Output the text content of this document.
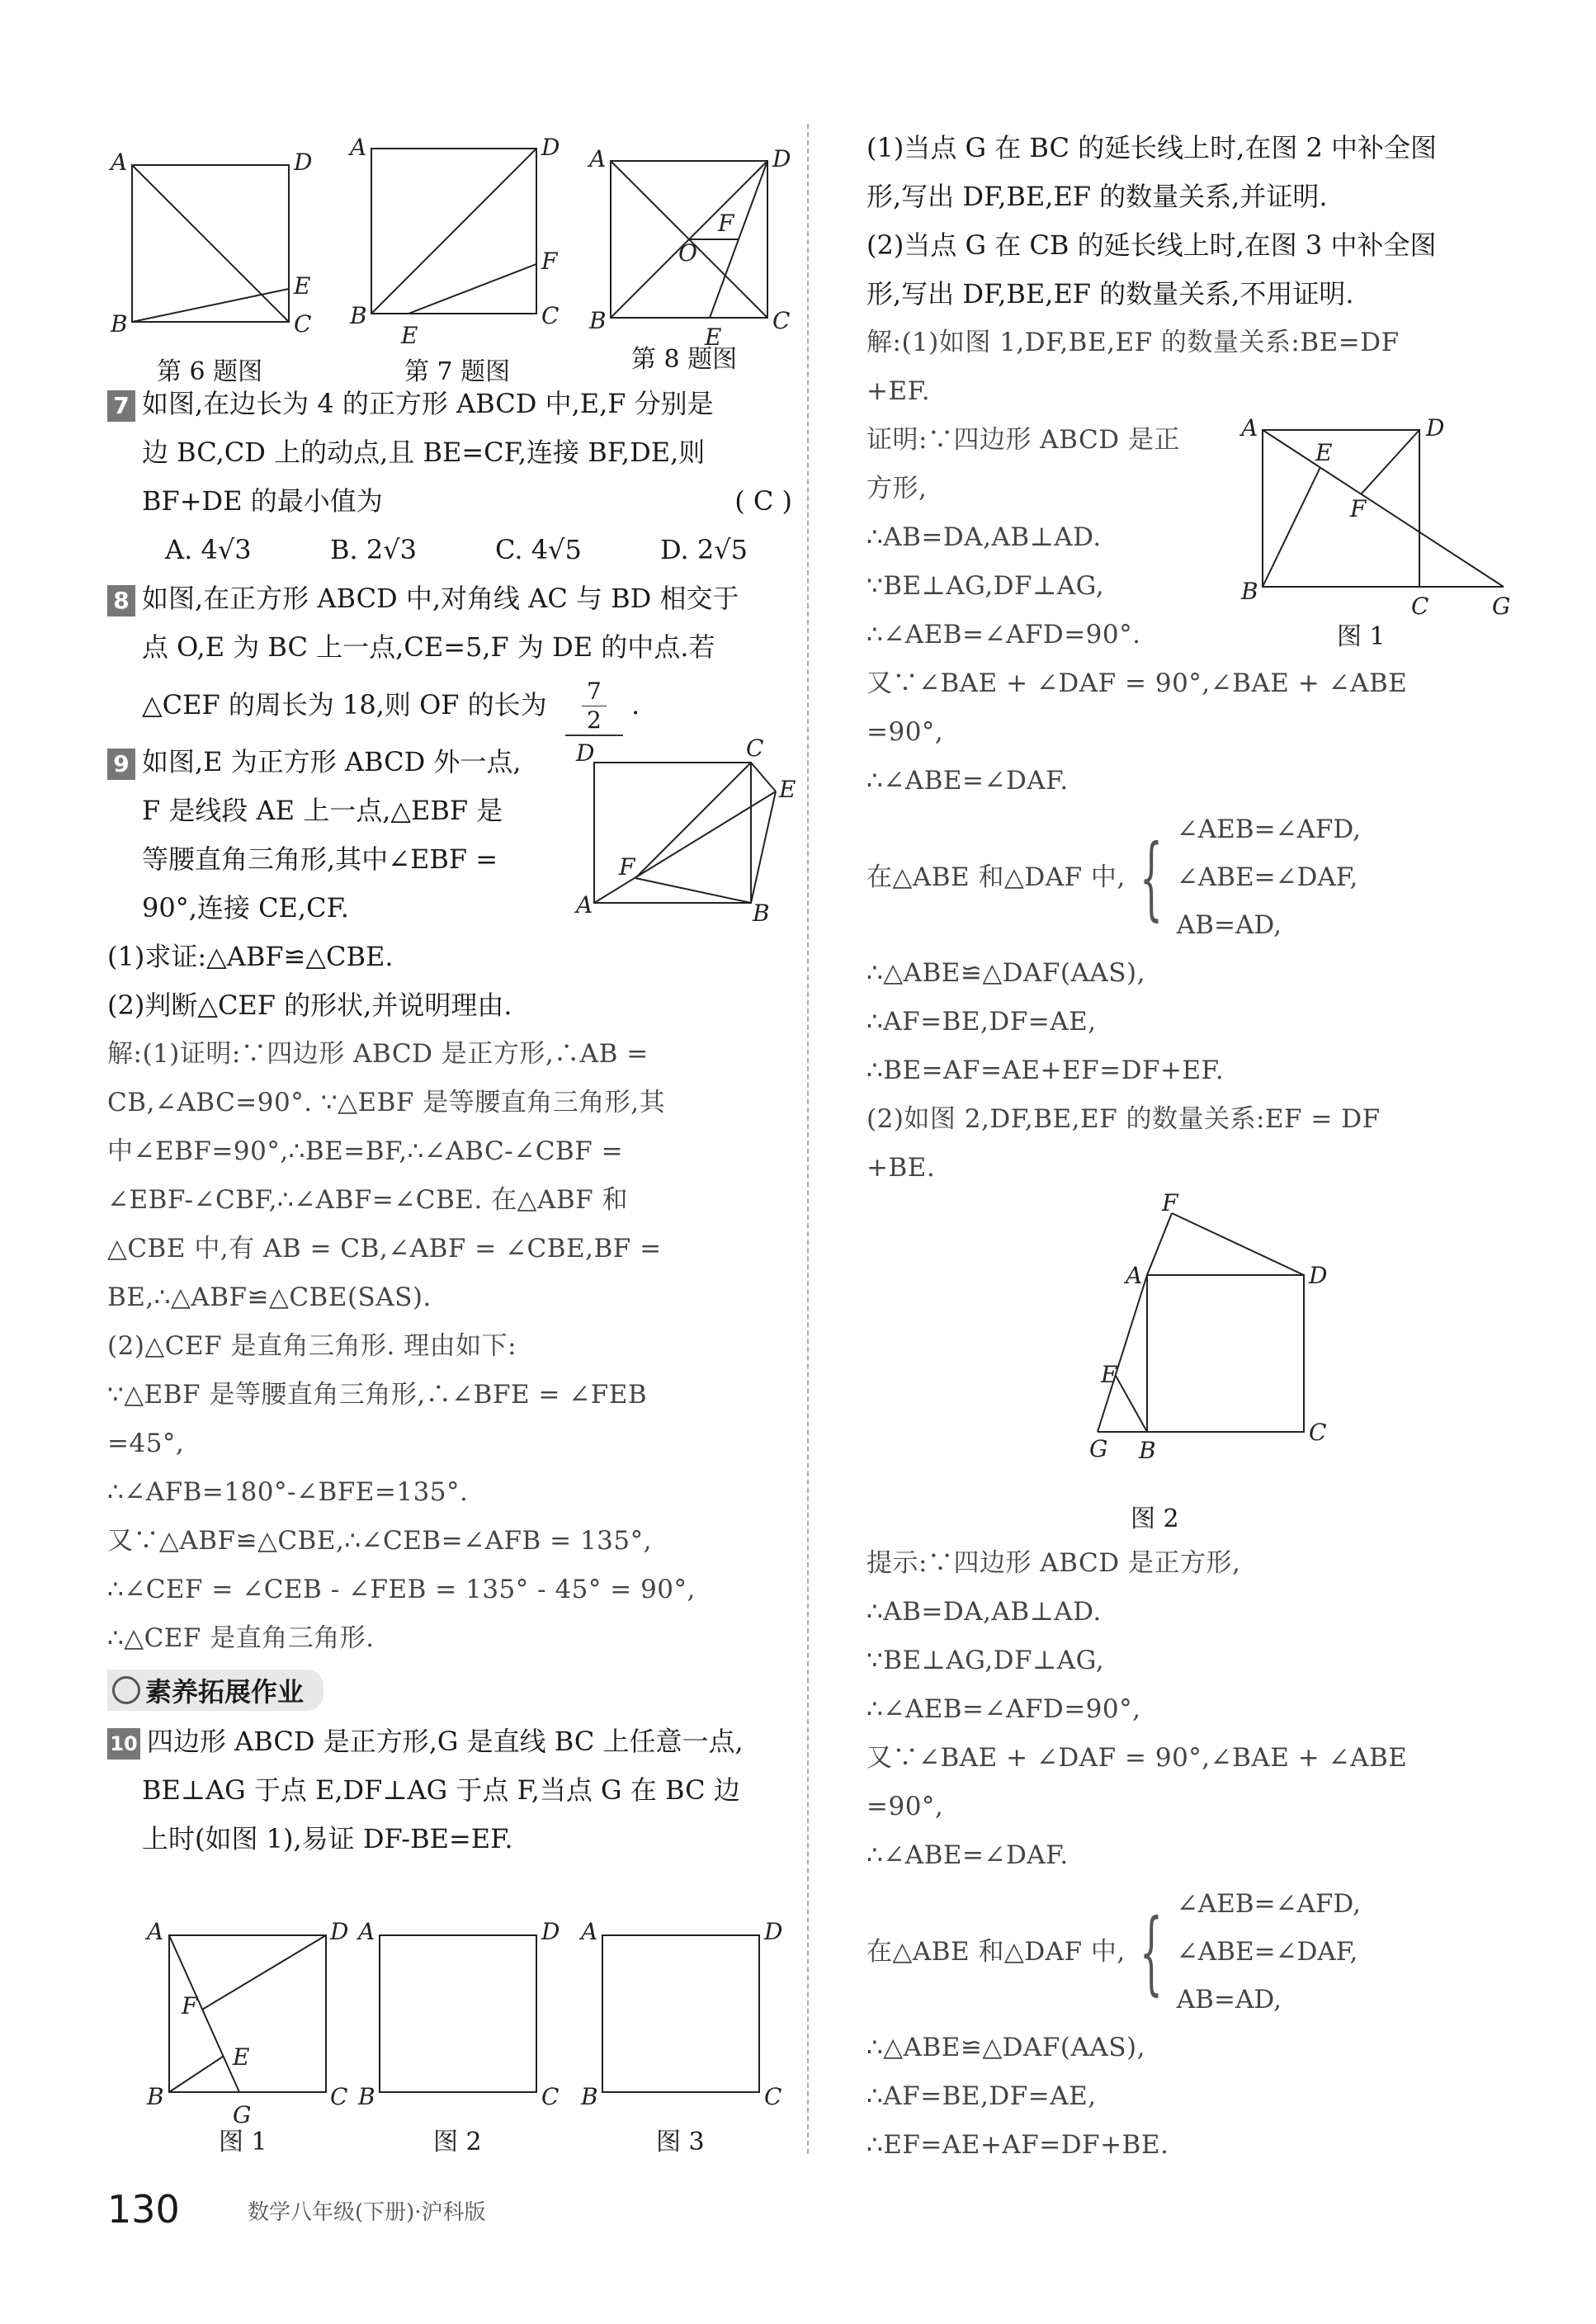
A	D
B	C
E
第 6 题图
A	D
B	C
F
E
第 7 题图
A	D
B	C
O
F
E
第 8 题图
7 如图,在边长为 4 的正方形 ABCD 中,E,F 分别是
边 BC,CD 上的动点,且 BE=CF,连接 BF,DE,则
BF+DE 的最小值为	( C )
A. 4√3	B. 2√3	C. 4√5	D. 2√5
8 如图,在正方形 ABCD 中,对角线 AC 与 BD 相交于
点 O,E 为 BC 上一点,CE=5,F 为 DE 的中点.若
△CEF 的周长为 18,则 OF 的长为 $\frac{7}{2}$ .
9 如图,E 为正方形 ABCD 外一点,
F 是线段 AE 上一点,△EBF 是
等腰直角三角形,其中∠EBF =
90°,连接 CE,CF.
D	C
E
F
A	B
(1)求证:△ABF≌△CBE.
(2)判断△CEF 的形状,并说明理由.
解:(1)证明:∵四边形 ABCD 是正方形,∴AB =
CB,∠ABC=90°. ∵△EBF 是等腰直角三角形,其
中∠EBF=90°,∴BE=BF,∴∠ABC-∠CBF =
∠EBF-∠CBF,∴∠ABF=∠CBE. 在△ABF 和
△CBE 中,有 AB = CB,∠ABF = ∠CBE,BF =
BE,∴△ABF≌△CBE(SAS).
(2)△CEF 是直角三角形. 理由如下:
∵△EBF 是等腰直角三角形,∴∠BFE = ∠FEB
=45°,
∴∠AFB=180°-∠BFE=135°.
又∵△ABF≌△CBE,∴∠CEB=∠AFB = 135°,
∴∠CEF = ∠CEB - ∠FEB = 135° - 45° = 90°,
∴△CEF 是直角三角形.
素养拓展作业
10 四边形 ABCD 是正方形,G 是直线 BC 上任意一点,
BE⊥AG 于点 E,DF⊥AG 于点 F,当点 G 在 BC 边
上时(如图 1),易证 DF-BE=EF.
A	D
B	C
F
E
G
图 1
A	D
B	C
图 2
A	D
B	C
图 3
(1)当点 G 在 BC 的延长线上时,在图 2 中补全图
形,写出 DF,BE,EF 的数量关系,并证明.
(2)当点 G 在 CB 的延长线上时,在图 3 中补全图
形,写出 DF,BE,EF 的数量关系,不用证明.
解:(1)如图 1,DF,BE,EF 的数量关系:BE=DF
+EF.
证明:∵四边形 ABCD 是正
方形,
∴AB=DA,AB⊥AD.
∵BE⊥AG,DF⊥AG,
∴∠AEB=∠AFD=90°.
A	D
B
C	G
E
F
图 1
又∵∠BAE + ∠DAF = 90°,∠BAE + ∠ABE
=90°,
∴∠ABE=∠DAF.
在△ABE 和△DAF 中, { ∠AEB=∠AFD,
∠ABE=∠DAF,
AB=AD,
∴△ABE≌△DAF(AAS),
∴AF=BE,DF=AE,
∴BE=AF=AE+EF=DF+EF.
(2)如图 2,DF,BE,EF 的数量关系:EF = DF
+BE.
F
A	D
E
G B
C
图 2
提示:∵四边形 ABCD 是正方形,
∴AB=DA,AB⊥AD.
∵BE⊥AG,DF⊥AG,
∴∠AEB=∠AFD=90°,
又∵∠BAE + ∠DAF = 90°,∠BAE + ∠ABE
=90°,
∴∠ABE=∠DAF.
在△ABE 和△DAF 中, { ∠AEB=∠AFD,
∠ABE=∠DAF,
AB=AD,
∴△ABE≌△DAF(AAS),
∴AF=BE,DF=AE,
∴EF=AE+AF=DF+BE.
130	数学八年级(下册)·沪科版
